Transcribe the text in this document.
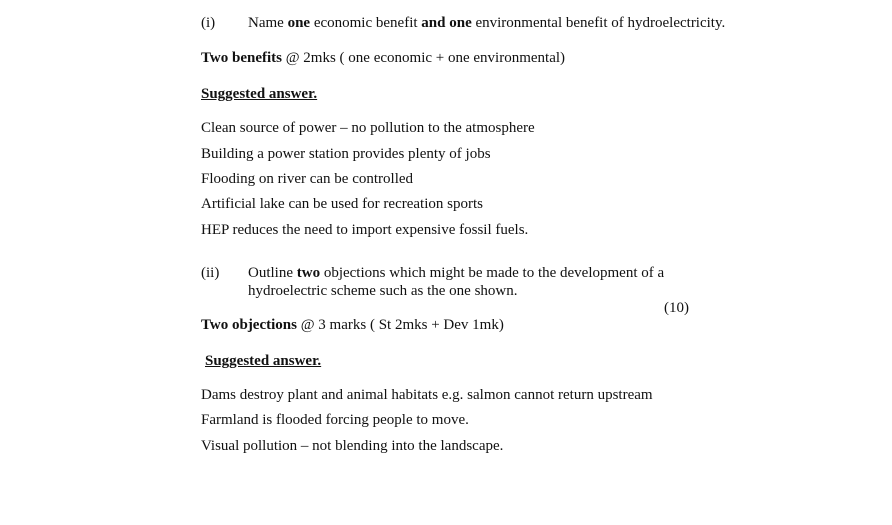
(i) Name one economic benefit and one environmental benefit of hydroelectricity.
Two benefits @ 2mks ( one economic + one environmental)
Suggested answer.
Clean source of power – no pollution to the atmosphere
Building a power station provides plenty of jobs
Flooding on river can be controlled
Artificial lake can be used for recreation sports
HEP reduces the need to import expensive fossil fuels.
(ii) Outline two objections which might be made to the development of a
hydroelectric scheme such as the one shown.
(10)
Two objections @ 3 marks ( St 2mks + Dev 1mk)
Suggested answer.
Dams destroy plant and animal habitats e.g. salmon cannot return upstream
Farmland is flooded forcing people to move.
Visual pollution – not blending into the landscape.
